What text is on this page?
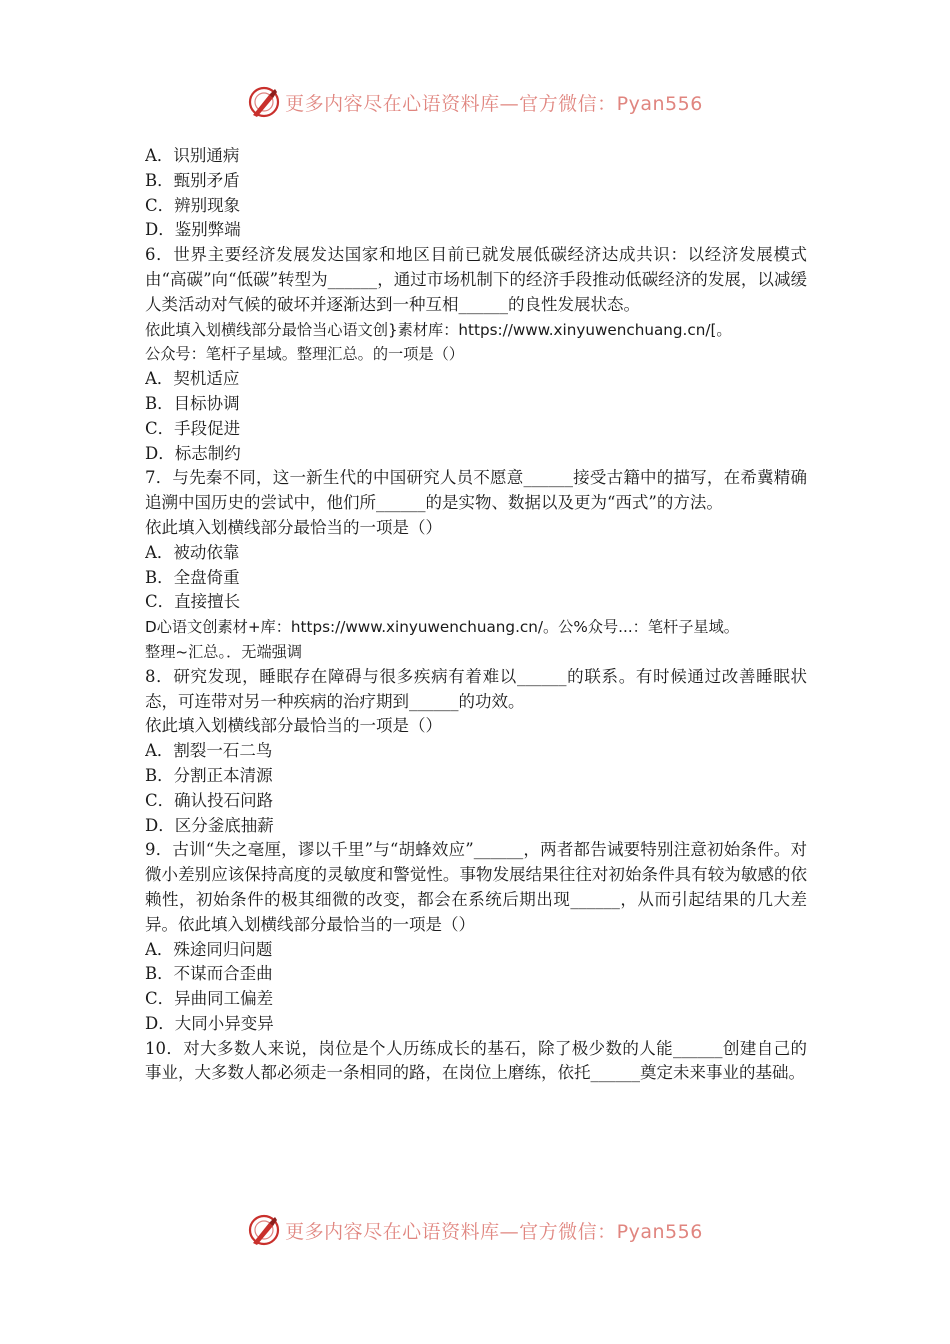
更多内容尽在心语资料库—官方微信：Pyan556
A．识别通病
B．甄别矛盾
C．辨别现象
D．鉴别弊端
6．世界主要经济发展发达国家和地区目前已就发展低碳经济达成共识：以经济发展模式由“高碳”向“低碳”转型为______，通过市场机制下的经济手段推动低碳经济的发展，以减缓人类活动对气候的破坏并逐渐达到一种互相______的良性发展状态。
依此填入划横线部分最恰当心语文创}素材库：https://www.xinyuwenchuang.cn/[。
公众号：笔杆子星域。整理汇总。的一项是（）
A．契机适应
B．目标协调
C．手段促进
D．标志制约
7．与先秦不同，这一新生代的中国研究人员不愿意______接受古籍中的描写，在希冀精确追溯中国历史的尝试中，他们所______的是实物、数据以及更为“西式”的方法。
依此填入划横线部分最恰当的一项是（）
A．被动依靠
B．全盘倚重
C．直接擅长
D心语文创素材+库：https://www.xinyuwenchuang.cn/。公%众号...：笔杆子星域。
整理~汇总。．无端强调
8．研究发现，睡眠存在障碍与很多疾病有着难以______的联系。有时候通过改善睡眠状态，可连带对另一种疾病的治疗期到______的功效。
依此填入划横线部分最恰当的一项是（）
A．割裂一石二鸟
B．分割正本清源
C．确认投石问路
D．区分釜底抽薪
9．古训“失之毫厘，谬以千里”与“胡蜂效应”______，两者都告诫要特别注意初始条件。对微小差别应该保持高度的灵敏度和警觉性。事物发展结果往往对初始条件具有较为敏感的依赖性，初始条件的极其细微的改变，都会在系统后期出现______，从而引起结果的几大差异。依此填入划横线部分最恰当的一项是（）
A．殊途同归问题
B．不谋而合歪曲
C．异曲同工偏差
D．大同小异变异
10．对大多数人来说，岗位是个人历练成长的基石，除了极少数的人能______创建自己的事业，大多数人都必须走一条相同的路，在岗位上磨练，依托______奠定未来事业的基础。
更多内容尽在心语资料库—官方微信：Pyan556
